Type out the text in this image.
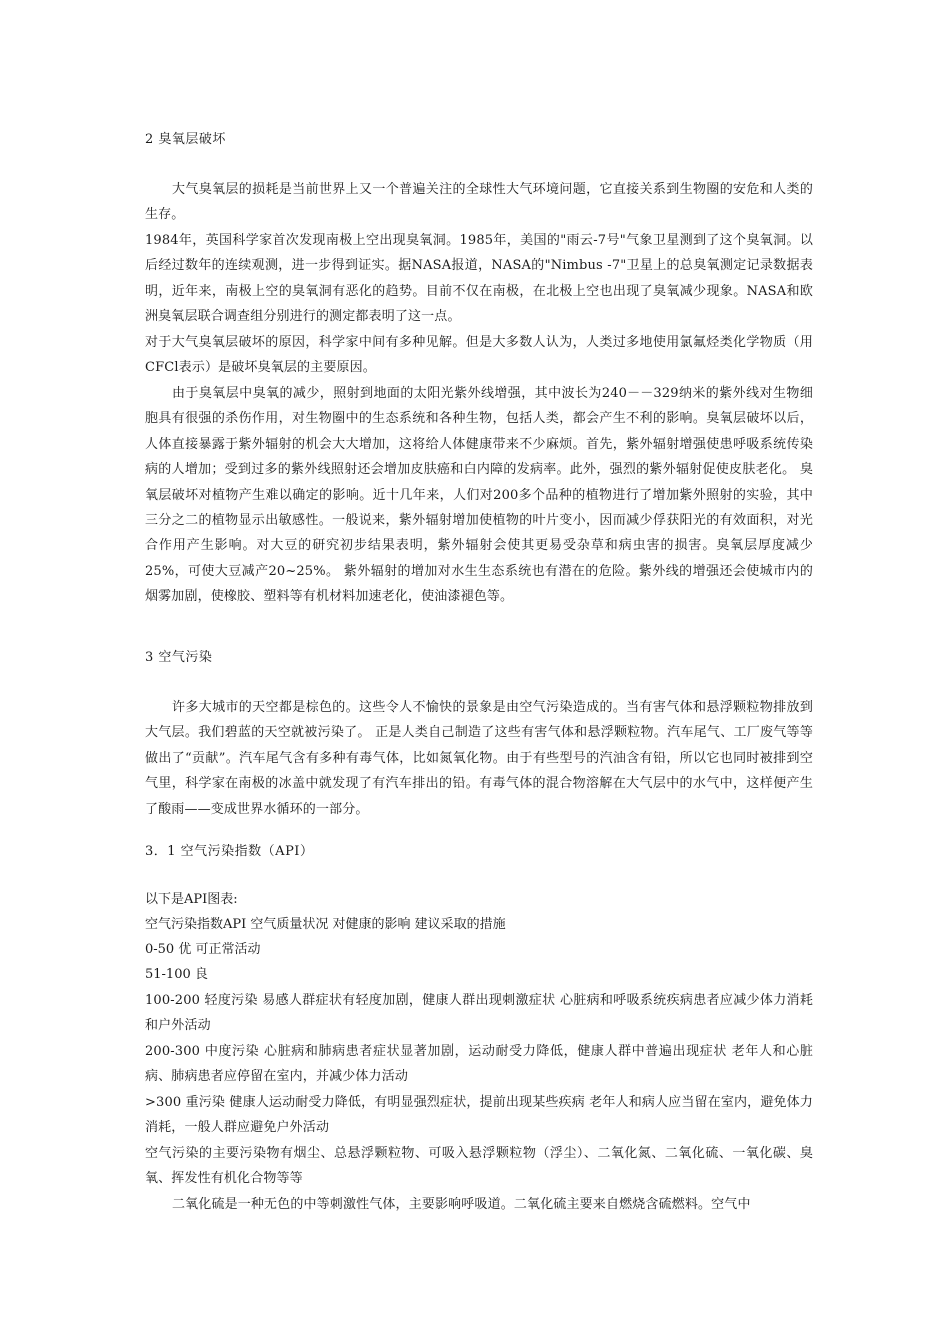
2 臭氧层破坏

大气臭氧层的损耗是当前世界上又一个普遍关注的全球性大气环境问题，它直接关系到生物圈的安危和人类的生存。

1984年，英国科学家首次发现南极上空出现臭氧洞。1985年，美国的"雨云-7号"气象卫星测到了这个臭氧洞。以后经过数年的连续观测，进一步得到证实。据NASA报道，NASA的"Nimbus -7"卫星上的总臭氧测定记录数据表明，近年来，南极上空的臭氧洞有恶化的趋势。目前不仅在南极，在北极上空也出现了臭氧减少现象。NASA和欧洲臭氧层联合调查组分别进行的测定都表明了这一点。

对于大气臭氧层破坏的原因，科学家中间有多种见解。但是大多数人认为，人类过多地使用氯氟烃类化学物质（用CFCl表示）是破坏臭氧层的主要原因。

由于臭氧层中臭氧的减少，照射到地面的太阳光紫外线增强，其中波长为240－－329纳米的紫外线对生物细胞具有很强的杀伤作用，对生物圈中的生态系统和各种生物，包括人类，都会产生不利的影响。臭氧层破坏以后，人体直接暴露于紫外辐射的机会大大增加，这将给人体健康带来不少麻烦。首先，紫外辐射增强使患呼吸系统传染病的人增加；受到过多的紫外线照射还会增加皮肤癌和白内障的发病率。此外，强烈的紫外辐射促使皮肤老化。 臭氧层破坏对植物产生难以确定的影响。近十几年来，人们对200多个品种的植物进行了增加紫外照射的实验，其中三分之二的植物显示出敏感性。一般说来，紫外辐射增加使植物的叶片变小，因而减少俘获阳光的有效面积，对光合作用产生影响。对大豆的研究初步结果表明，紫外辐射会使其更易受杂草和病虫害的损害。臭氧层厚度减少25%，可使大豆减产20~25%。 紫外辐射的增加对水生生态系统也有潜在的危险。紫外线的增强还会使城市内的烟雾加剧，使橡胶、塑料等有机材料加速老化，使油漆褪色等。

3 空气污染

许多大城市的天空都是棕色的。这些令人不愉快的景象是由空气污染造成的。当有害气体和悬浮颗粒物排放到大气层。我们碧蓝的天空就被污染了。 正是人类自己制造了这些有害气体和悬浮颗粒物。汽车尾气、工厂废气等等做出了“贡献”。汽车尾气含有多种有毒气体，比如氮氧化物。由于有些型号的汽油含有铅，所以它也同时被排到空气里，科学家在南极的冰盖中就发现了有汽车排出的铅。有毒气体的混合物溶解在大气层中的水气中，这样便产生了酸雨——变成世界水循环的一部分。

3．1 空气污染指数（API）
以下是API图表:
空气污染指数API 空气质量状况 对健康的影响 建议采取的措施
0-50 优 可正常活动
51-100 良

100-200 轻度污染 易感人群症状有轻度加剧，健康人群出现刺激症状 心脏病和呼吸系统疾病患者应减少体力消耗和户外活动

200-300 中度污染 心脏病和肺病患者症状显著加剧，运动耐受力降低，健康人群中普遍出现症状 老年人和心脏病、肺病患者应停留在室内，并减少体力活动

>300 重污染 健康人运动耐受力降低，有明显强烈症状，提前出现某些疾病 老年人和病人应当留在室内，避免体力消耗，一般人群应避免户外活动

空气污染的主要污染物有烟尘、总悬浮颗粒物、可吸入悬浮颗粒物（浮尘）、二氧化氮、二氧化硫、一氧化碳、臭氧、挥发性有机化合物等等

二氧化硫是一种无色的中等刺激性气体，主要影响呼吸道。二氧化硫主要来自燃烧含硫燃料。空气中
